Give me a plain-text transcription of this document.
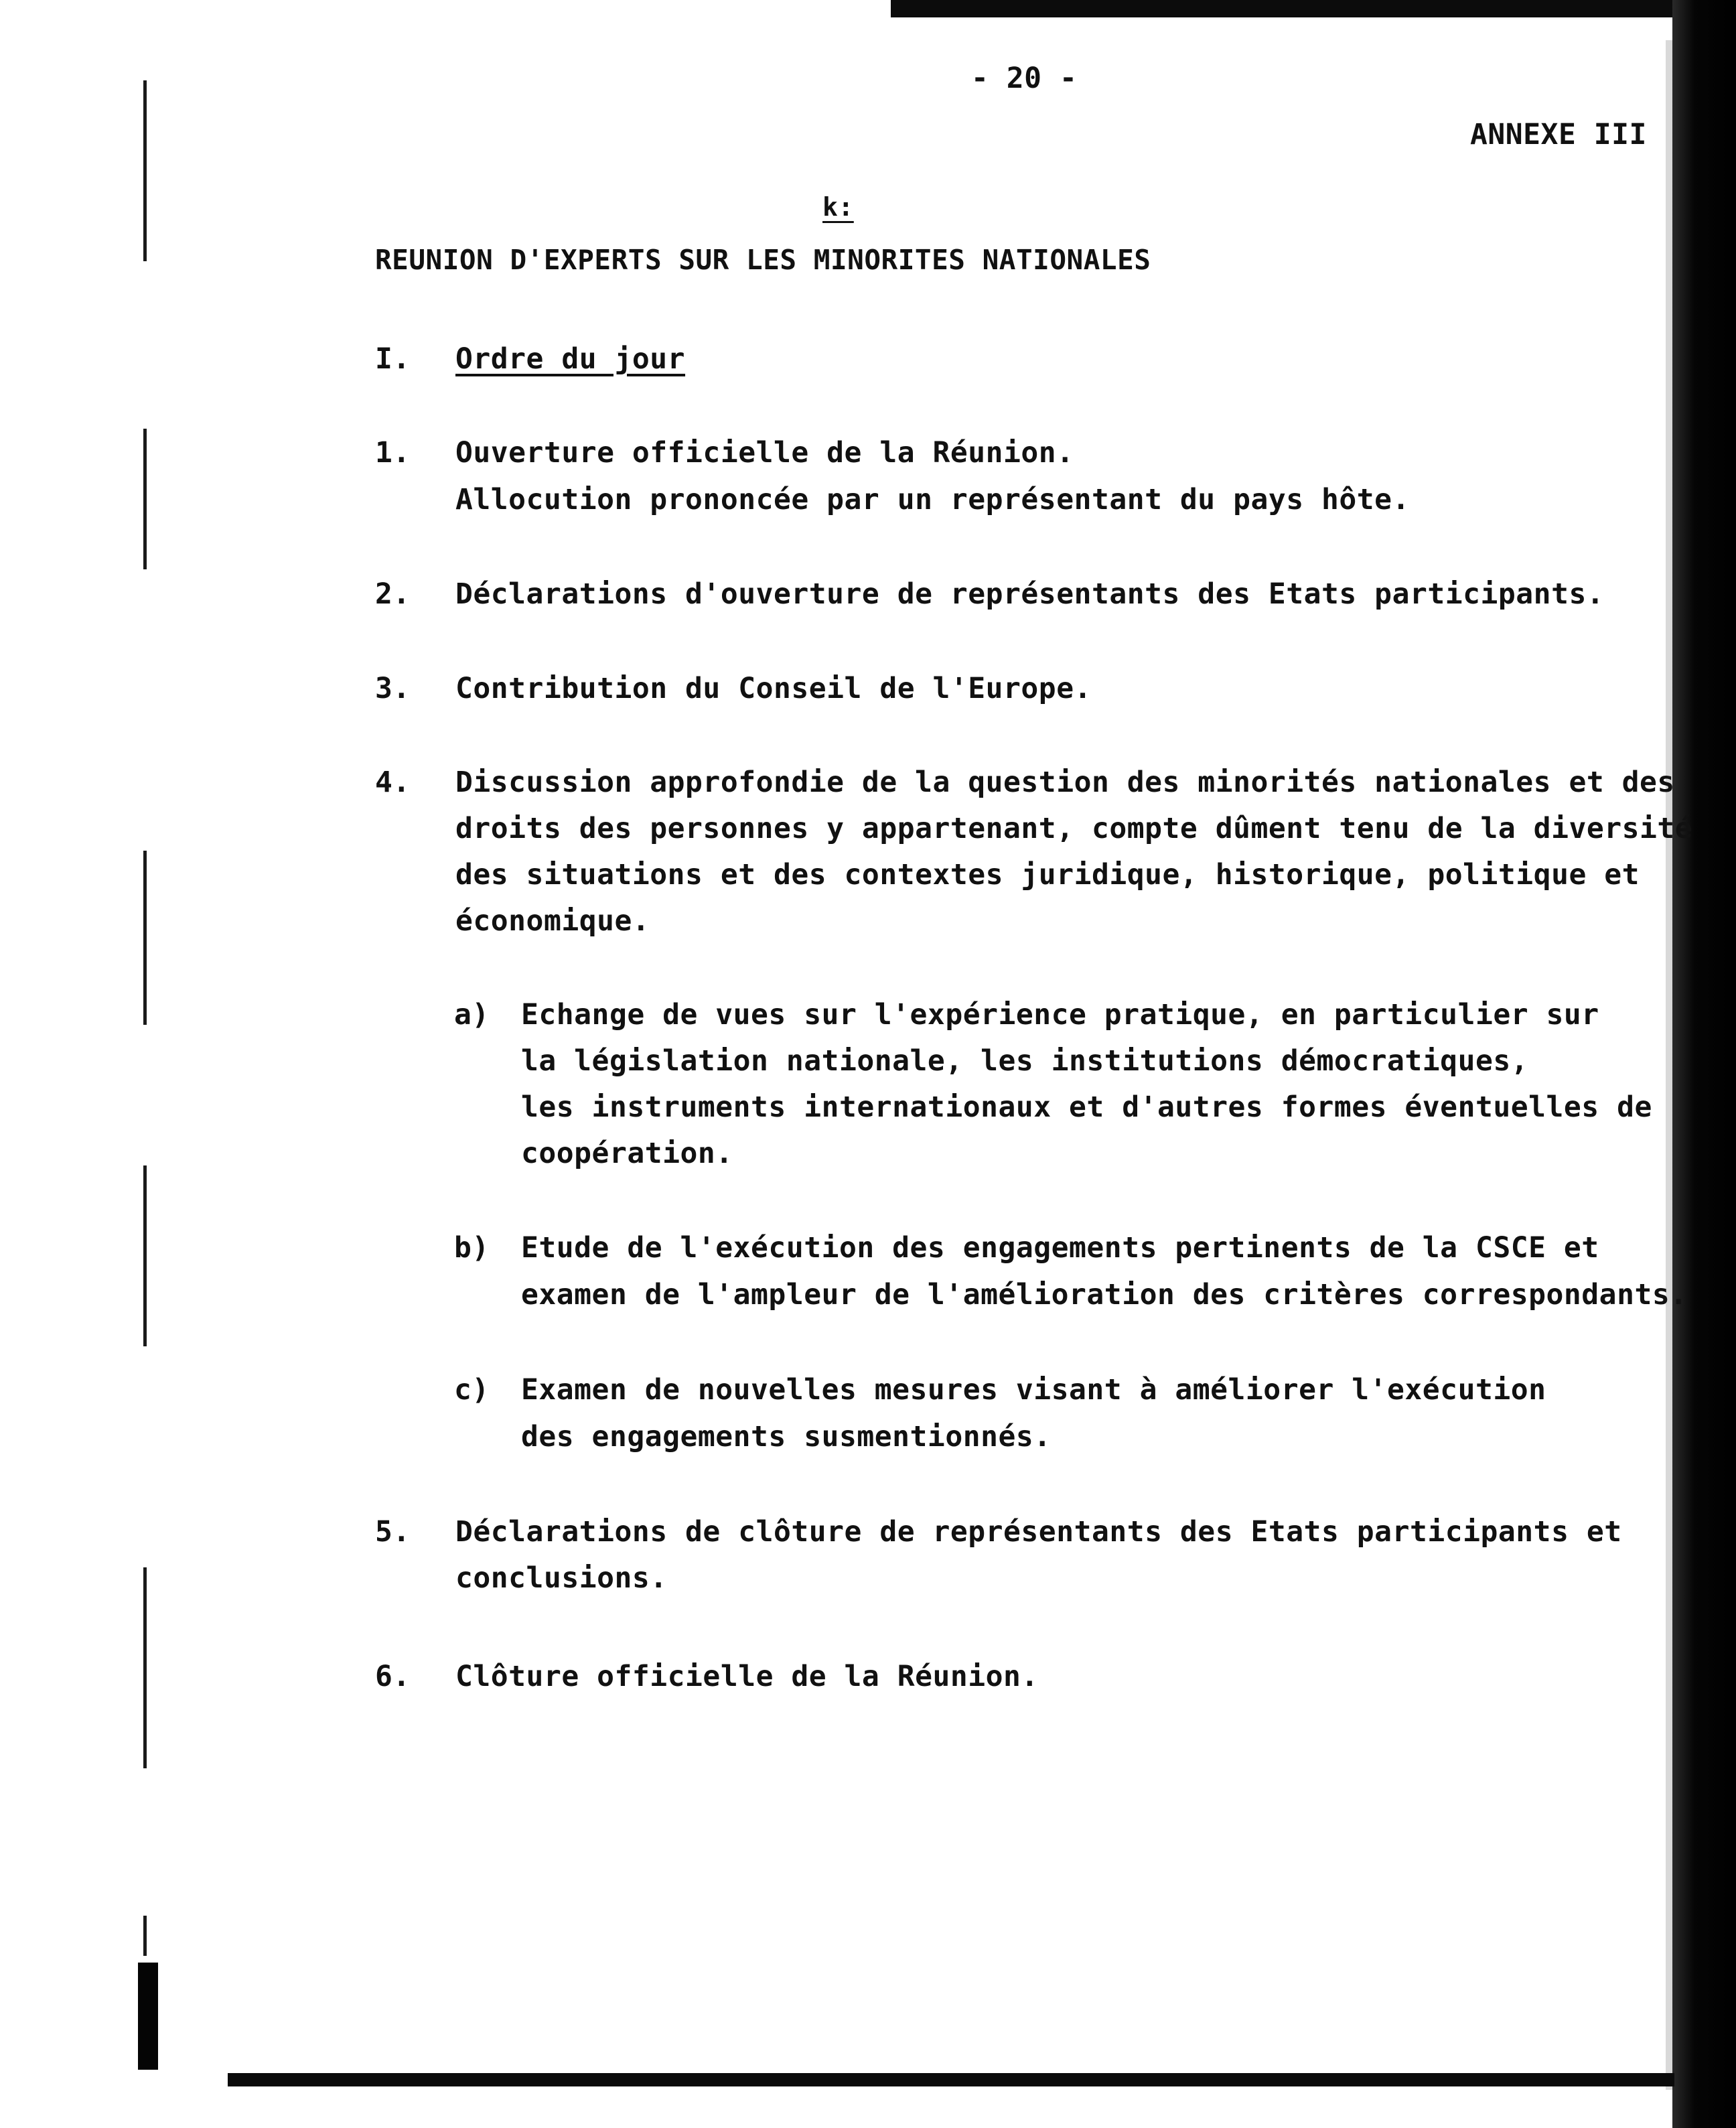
- 20 -
ANNEXE III
k:
REUNION D'EXPERTS SUR LES MINORITES NATIONALES
I. Ordre du jour
1. Ouverture officielle de la Réunion.
Allocution prononcée par un représentant du pays hôte.
2. Déclarations d'ouverture de représentants des Etats participants.
3. Contribution du Conseil de l'Europe.
4. Discussion approfondie de la question des minorités nationales et des
droits des personnes y appartenant, compte dûment tenu de la diversité
des situations et des contextes juridique, historique, politique et
économique.
a) Echange de vues sur l'expérience pratique, en particulier sur
la législation nationale, les institutions démocratiques,
les instruments internationaux et d'autres formes éventuelles de
coopération.
b) Etude de l'exécution des engagements pertinents de la CSCE et
examen de l'ampleur de l'amélioration des critères correspondants.
c) Examen de nouvelles mesures visant à améliorer l'exécution
des engagements susmentionnés.
5. Déclarations de clôture de représentants des Etats participants et
conclusions.
6. Clôture officielle de la Réunion.
